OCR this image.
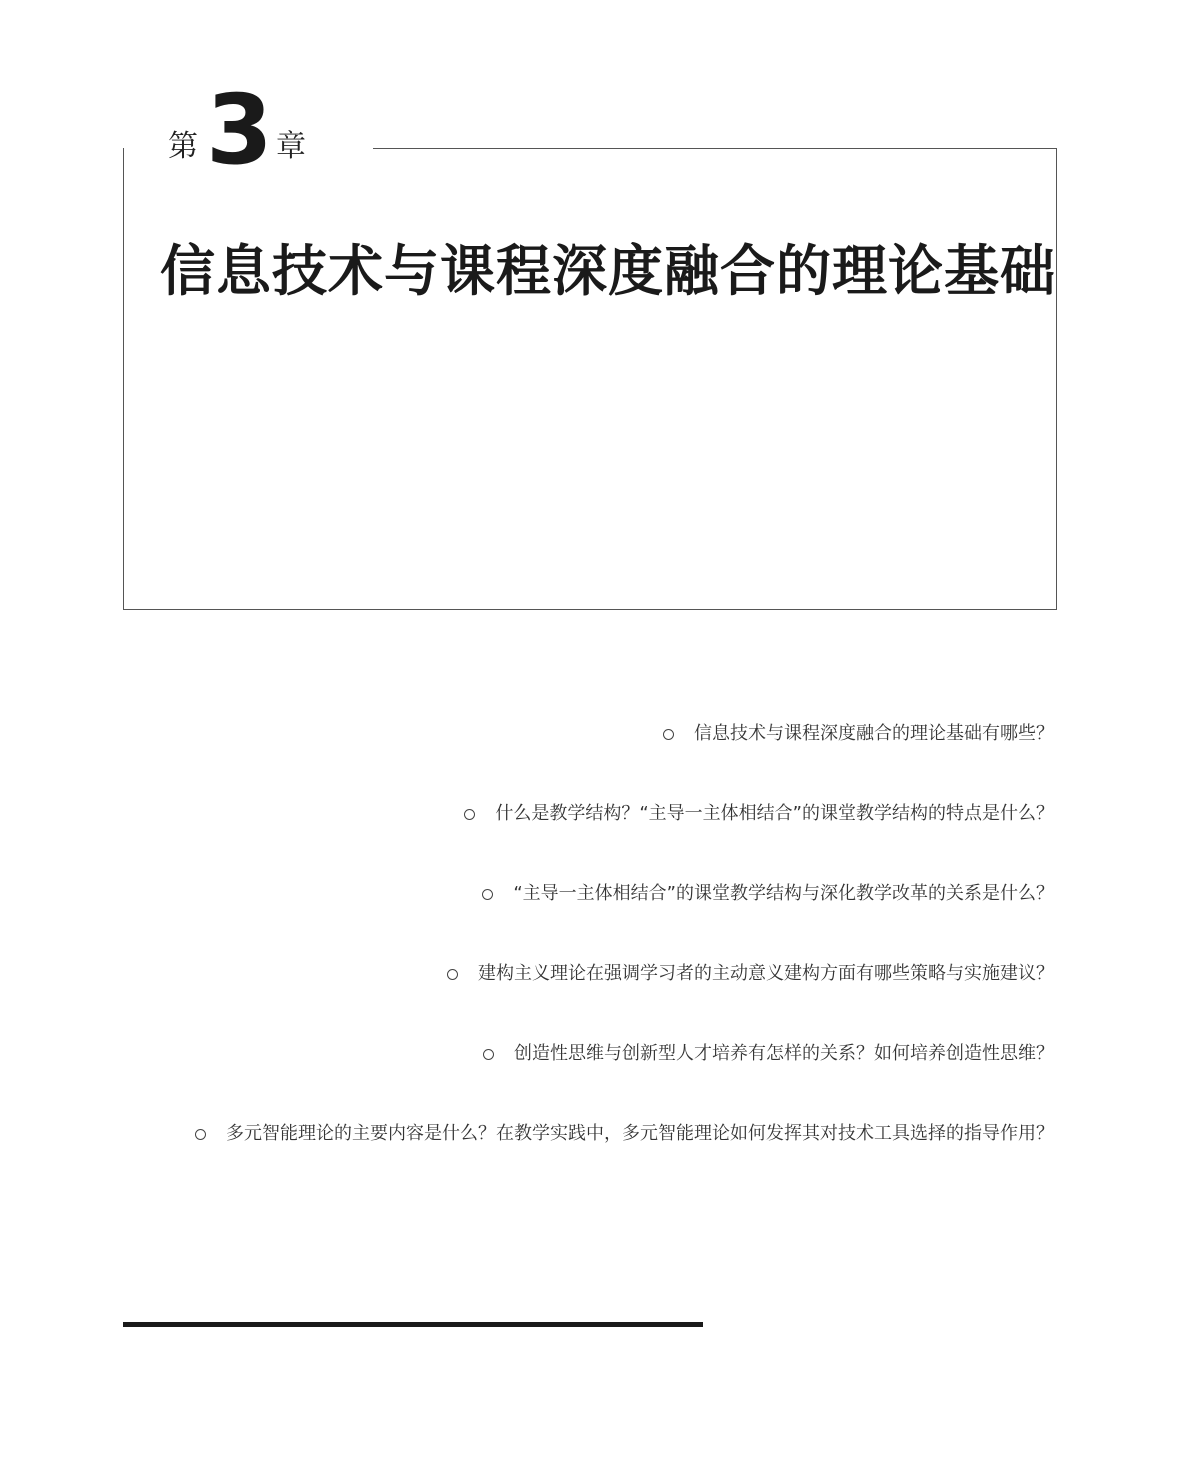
第 3 章
信息技术与课程深度融合的理论基础
信息技术与课程深度融合的理论基础有哪些？
什么是教学结构？“主导一主体相结合”的课堂教学结构的特点是什么？
“主导一主体相结合”的课堂教学结构与深化教学改革的关系是什么？
建构主义理论在强调学习者的主动意义建构方面有哪些策略与实施建议？
创造性思维与创新型人才培养有怎样的关系？如何培养创造性思维？
多元智能理论的主要内容是什么？在教学实践中，多元智能理论如何发挥其对技术工具选择的指导作用？
